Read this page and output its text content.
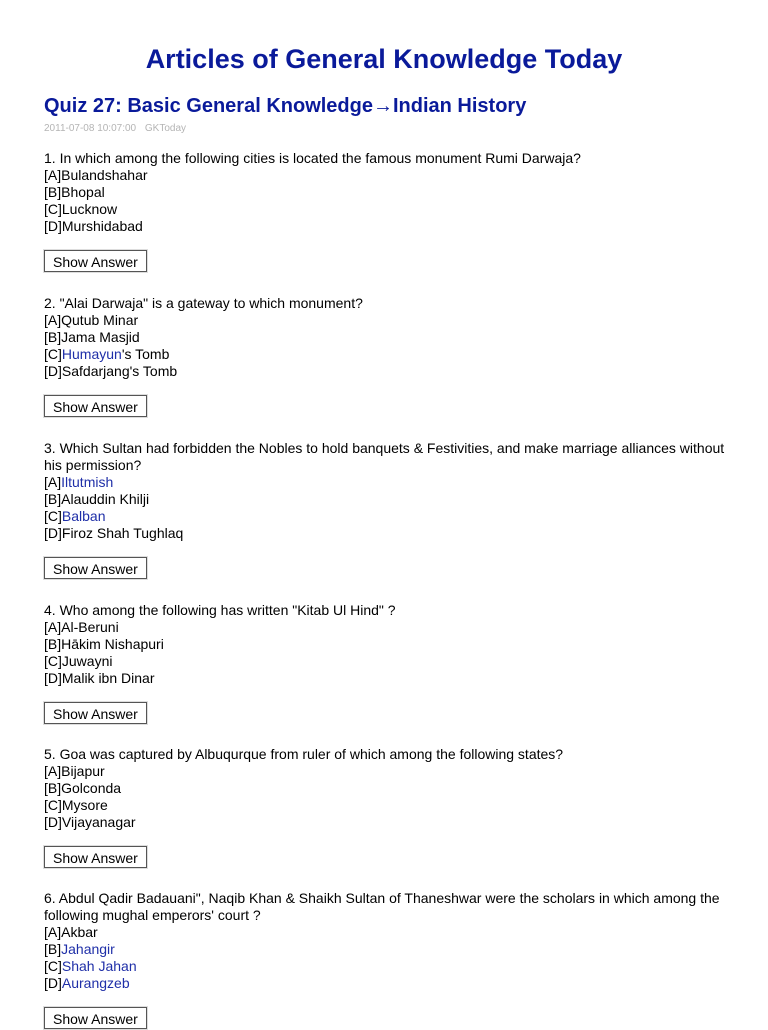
Articles of General Knowledge Today
Quiz 27: Basic General Knowledge→Indian History
2011-07-08 10:07:00 GKToday

1. In which among the following cities is located the famous monument Rumi Darwaja?

[A]Bulandshahar

[B]Bhopal

[C]Lucknow

[D]Murshidabad

Show Answer

2. "Alai Darwaja" is a gateway to which monument?

[A]Qutub Minar

[B]Jama Masjid

[C]Humayun's Tomb

[D]Safdarjang's Tomb

Show Answer

3. Which Sultan had forbidden the Nobles to hold banquets & Festivities, and make marriage alliances without his permission?

[A]Iltutmish

[B]Alauddin Khilji

[C]Balban

[D]Firoz Shah Tughlaq

Show Answer

4. Who among the following has written "Kitab Ul Hind" ?

[A]Al-Beruni

[B]Hākim Nishapuri

[C]Juwayni

[D]Malik ibn Dinar

Show Answer

5. Goa was captured by Albuqurque from ruler of which among the following states?

[A]Bijapur

[B]Golconda

[C]Mysore

[D]Vijayanagar

Show Answer

6. Abdul Qadir Badauani", Naqib Khan & Shaikh Sultan of Thaneshwar were the scholars in which among the following mughal emperors' court ?

[A]Akbar

[B]Jahangir

[C]Shah Jahan

[D]Aurangzeb

Show Answer
